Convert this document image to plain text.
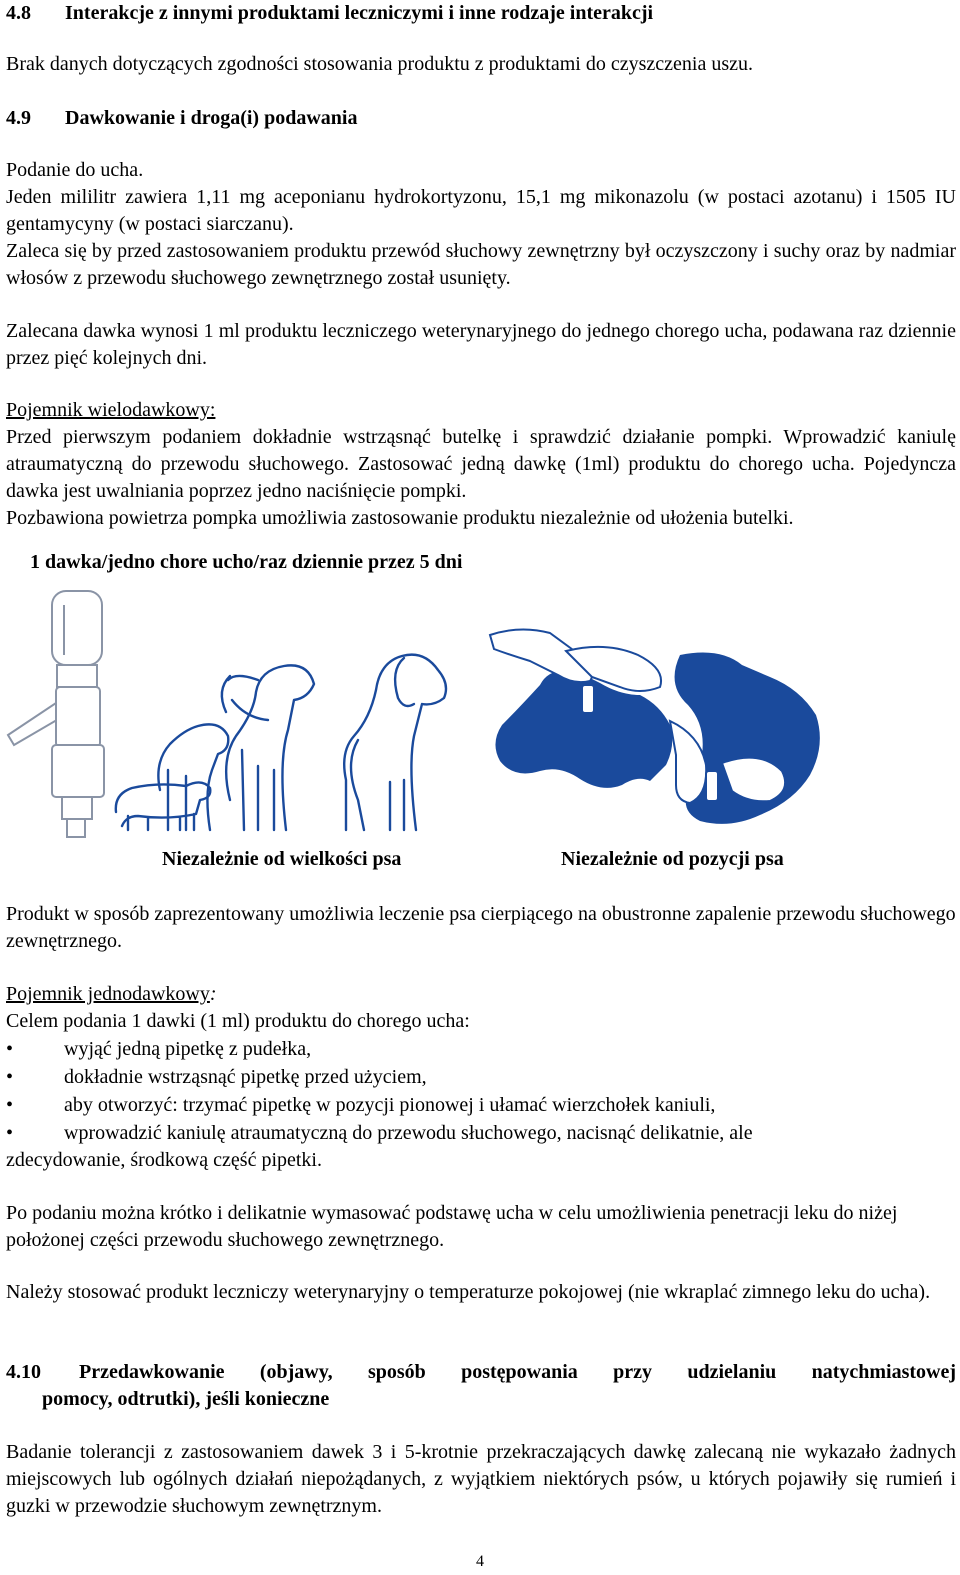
4.8 Interakcje z innymi produktami leczniczymi i inne rodzaje interakcji
Brak danych dotyczących zgodności stosowania produktu z produktami do czyszczenia uszu.
4.9 Dawkowanie i droga(i) podawania
Podanie do ucha.
Jeden mililitr zawiera 1,11 mg aceponianu hydrokortyzonu, 15,1 mg mikonazolu (w postaci azotanu) i 1505 IU gentamycyny (w postaci siarczanu).
Zaleca się by przed zastosowaniem produktu przewód słuchowy zewnętrzny był oczyszczony i suchy oraz by nadmiar włosów z przewodu słuchowego zewnętrznego został usunięty.
Zalecana dawka wynosi 1 ml produktu leczniczego weterynaryjnego do jednego chorego ucha, podawana raz dziennie przez pięć kolejnych dni.
Pojemnik wielodawkowy:
Przed pierwszym podaniem dokładnie wstrząsnąć butelkę i sprawdzić działanie pompki. Wprowadzić kaniulę atraumatyczną do przewodu słuchowego. Zastosować jedną dawkę (1ml) produktu do chorego ucha. Pojedyncza dawka jest uwalniania poprzez jedno naciśnięcie pompki.
Pozbawiona powietrza pompka umożliwia zastosowanie produktu niezależnie od ułożenia butelki.
1 dawka/jedno chore ucho/raz dziennie przez 5 dni
Niezależnie od wielkości psa	Niezależnie od pozycji psa
Produkt w sposób zaprezentowany umożliwia leczenie psa cierpiącego na obustronne zapalenie przewodu słuchowego zewnętrznego.
Pojemnik jednodawkowy:
Celem podania 1 dawki (1 ml) produktu do chorego ucha:
•	wyjąć jedną pipetkę z pudełka,
•	dokładnie wstrząsnąć pipetkę przed użyciem,
•	aby otworzyć: trzymać pipetkę w pozycji pionowej i ułamać wierzchołek kaniuli,
•	wprowadzić kaniulę atraumatyczną do przewodu słuchowego, nacisnąć delikatnie, ale
zdecydowanie, środkową część pipetki.
Po podaniu można krótko i delikatnie wymasować podstawę ucha w celu umożliwienia penetracji leku do niżej położonej części przewodu słuchowego zewnętrznego.
Należy stosować produkt leczniczy weterynaryjny o temperaturze pokojowej (nie wkraplać zimnego leku do ucha).
4.10 Przedawkowanie (objawy, sposób postępowania przy udzielaniu natychmiastowej
pomocy, odtrutki), jeśli konieczne
Badanie tolerancji z zastosowaniem dawek 3 i 5-krotnie przekraczających dawkę zalecaną nie wykazało żadnych miejscowych lub ogólnych działań niepożądanych, z wyjątkiem niektórych psów, u których pojawiły się rumień i guzki w przewodzie słuchowym zewnętrznym.
4
